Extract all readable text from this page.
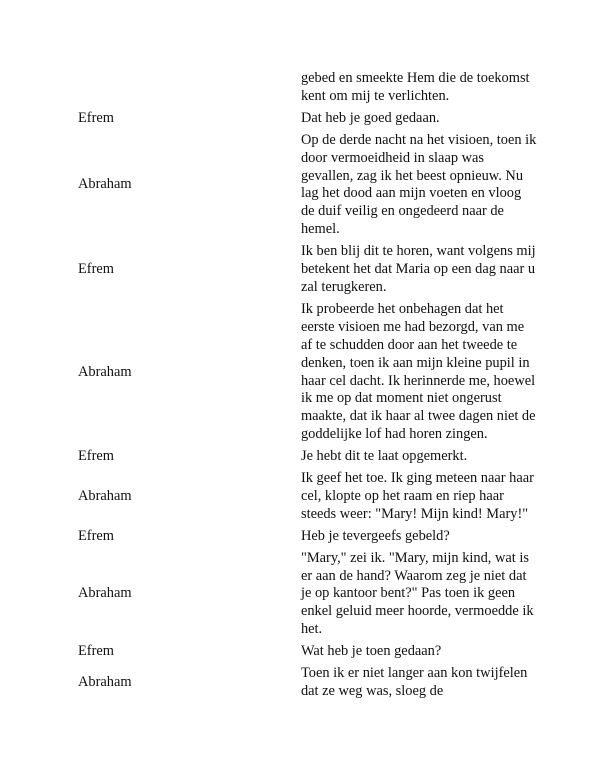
	gebed en smeekte Hem die de toekomst kent om mij te verlichten.

Efrem	Dat heb je goed gedaan.

Abraham	Op de derde nacht na het visioen, toen ik door vermoeidheid in slaap was gevallen, zag ik het beest opnieuw. Nu lag het dood aan mijn voeten en vloog de duif veilig en ongedeerd naar de hemel.

Efrem	Ik ben blij dit te horen, want volgens mij betekent het dat Maria op een dag naar u zal terugkeren.

Abraham	Ik probeerde het onbehagen dat het eerste visioen me had bezorgd, van me af te schudden door aan het tweede te denken, toen ik aan mijn kleine pupil in haar cel dacht. Ik herinnerde me, hoewel ik me op dat moment niet ongerust maakte, dat ik haar al twee dagen niet de goddelijke lof had horen zingen.

Efrem	Je hebt dit te laat opgemerkt.

Abraham	Ik geef het toe. Ik ging meteen naar haar cel, klopte op het raam en riep haar steeds weer: "Mary! Mijn kind! Mary!"

Efrem	Heb je tevergeefs gebeld?

Abraham	"Mary," zei ik. "Mary, mijn kind, wat is er aan de hand? Waarom zeg je niet dat je op kantoor bent?" Pas toen ik geen enkel geluid meer hoorde, vermoedde ik het.

Efrem	Wat heb je toen gedaan?

Abraham	Toen ik er niet langer aan kon twijfelen dat ze weg was, sloeg de
